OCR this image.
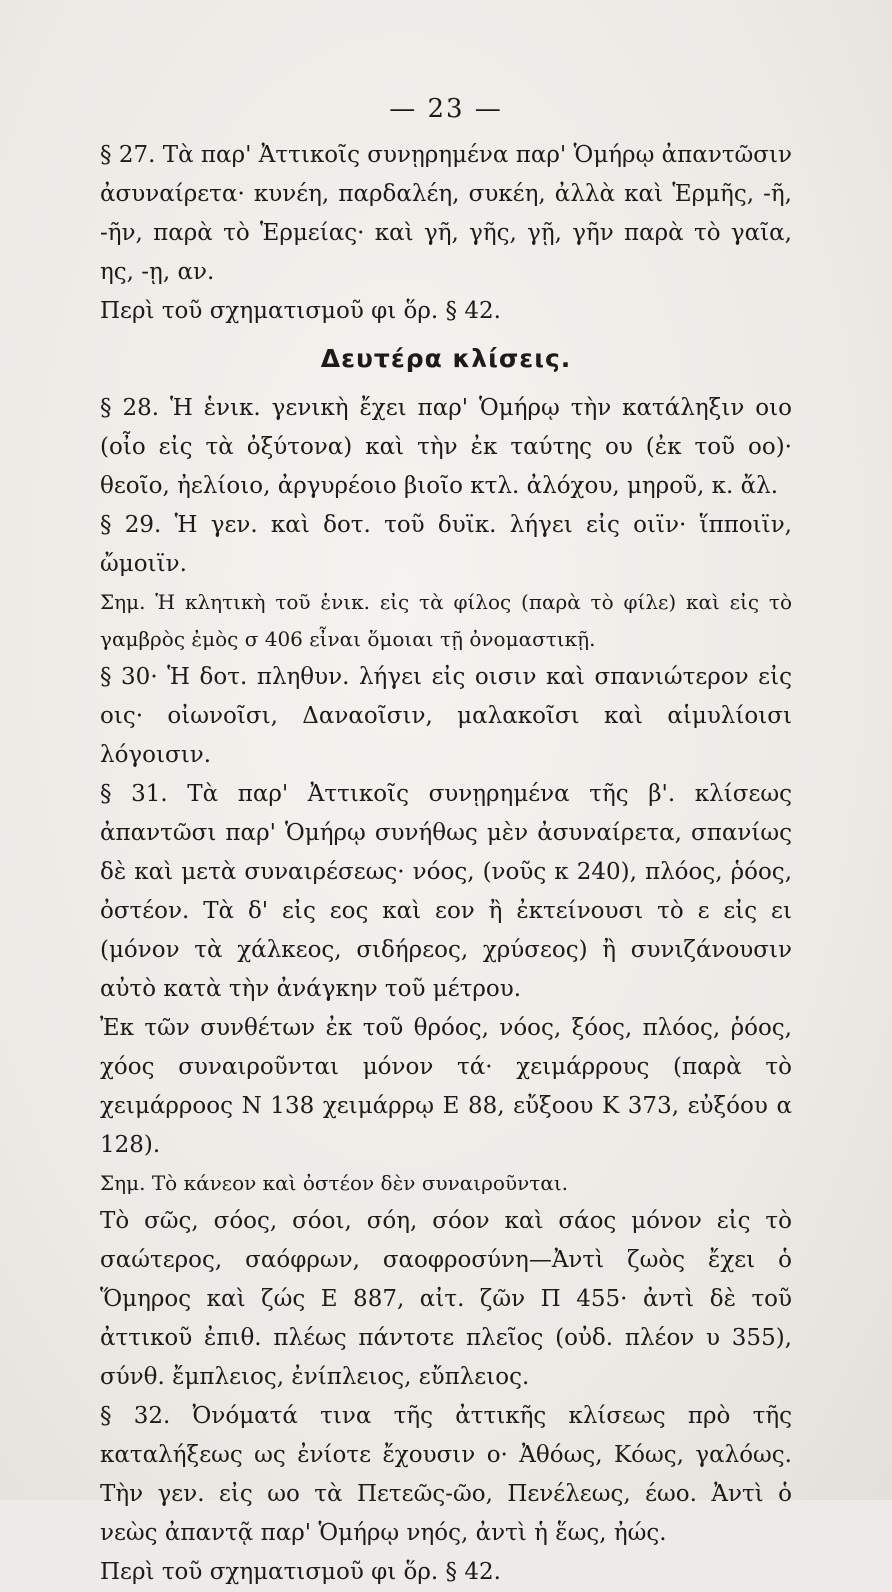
— 23 —

§ 27. Τὰ παρ' Ἀττικοῖς συνῃρημένα παρ' Ὁμήρῳ ἀπαντῶσιν ἀσυναίρετα· κυνέη, παρδαλέη, συκέη, ἀλλὰ καὶ Ἑρμῆς, -ῆ, -ῆν, παρὰ τὸ Ἑρμείας· καὶ γῆ, γῆς, γῇ, γῆν παρὰ τὸ γαῖα, ης, -ῃ, αν.

Περὶ τοῦ σχηματισμοῦ φι ὅρ. § 42.

Δευτέρα κλίσεις.

§ 28. Ἡ ἑνικ. γενικὴ ἔχει παρ' Ὁμήρῳ τὴν κατάληξιν οιο (οἶο εἰς τὰ ὀξύτονα) καὶ τὴν ἐκ ταύτης ου (ἐκ τοῦ οο)· θεοῖο, ἠελίοιο, ἀργυρέοιο βιοῖο κτλ. ἀλόχου, μηροῦ, κ. ἄλ.

§ 29. Ἡ γεν. καὶ δοτ. τοῦ δυϊκ. λήγει εἰς οιϊν· ἵπποιϊν, ὤμοιϊν.

Σημ. Ἡ κλητικὴ τοῦ ἑνικ. εἰς τὰ φίλος (παρὰ τὸ φίλε) καὶ εἰς τὸ γαμβρὸς ἐμὸς σ 406 εἶναι ὅμοιαι τῇ ὀνομαστικῇ.

§ 30· Ἡ δοτ. πληθυν. λήγει εἰς οισιν καὶ σπανιώτερον εἰς οις· οἰωνοῖσι, Δαναοῖσιν, μαλακοῖσι καὶ αἱμυλίοισι λόγοισιν.

§ 31. Τὰ παρ' Ἀττικοῖς συνῃρημένα τῆς β'. κλίσεως ἀπαντῶσι παρ' Ὁμήρῳ συνήθως μὲν ἀσυναίρετα, σπανίως δὲ καὶ μετὰ συναιρέσεως· νόος, (νοῦς κ 240), πλόος, ῥόος, ὀστέον. Τὰ δ' εἰς εος καὶ εον ἢ ἐκτείνουσι τὸ ε εἰς ει (μόνον τὰ χάλκεος, σιδήρεος, χρύσεος) ἢ συνιζάνουσιν αὐτὸ κατὰ τὴν ἀνάγκην τοῦ μέτρου.

Ἐκ τῶν συνθέτων ἐκ τοῦ θρόος, νόος, ξόος, πλόος, ῥόος, χόος συναιροῦνται μόνον τά· χειμάρρους (παρὰ τὸ χειμάρροος Ν 138 χειμάρρῳ Ε 88, εὔξοου Κ 373, εὐξόου α 128).

Σημ. Τὸ κάνεον καὶ ὀστέον δὲν συναιροῦνται.

Τὸ σῶς, σόος, σόοι, σόη, σόον καὶ σάος μόνον εἰς τὸ σαώτερος, σαόφρων, σαοφροσύνη—Ἀντὶ ζωὸς ἔχει ὁ Ὅμηρος καὶ ζώς Ε 887, αἰτ. ζῶν Π 455· ἀντὶ δὲ τοῦ ἀττικοῦ ἐπιθ. πλέως πάντοτε πλεῖος (οὐδ. πλέον υ 355), σύνθ. ἔμπλειος, ἐνίπλειος, εὔπλειος.

§ 32. Ὀνόματά τινα τῆς ἀττικῆς κλίσεως πρὸ τῆς καταλήξεως ως ἐνίοτε ἔχουσιν ο· Ἀθόως, Κόως, γαλόως. Τὴν γεν. εἰς ωο τὰ Πετεῶς-ῶο, Πενέλεως, έωο. Ἀντὶ ὁ νεὼς ἀπαντᾷ παρ' Ὁμήρῳ νηός, ἀντὶ ἡ ἕως, ἠώς.

Περὶ τοῦ σχηματισμοῦ φι ὅρ. § 42.
